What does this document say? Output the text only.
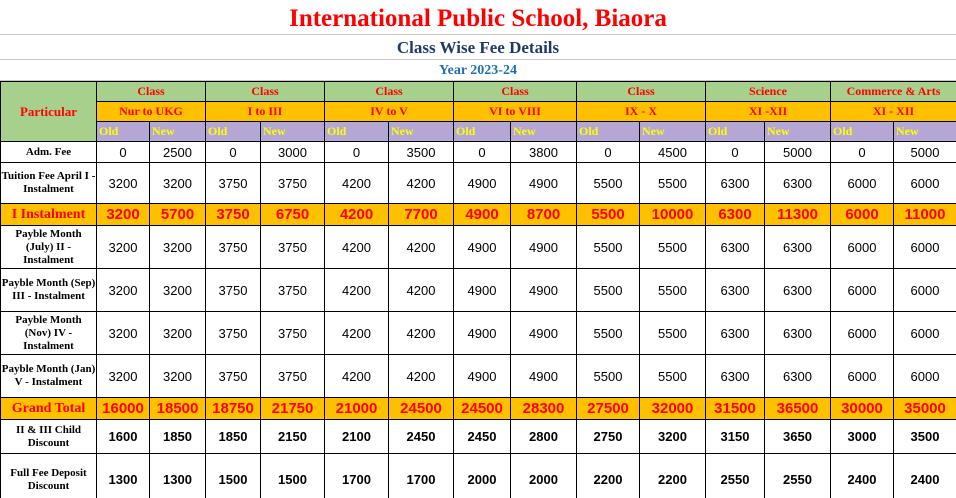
International Public School, Biaora
Class Wise Fee Details
Year 2023-24
Particular	Class		Class		Class		Class		Class		Science		Commerce & Arts	
	Nur to UKG		I to III		IV to V		VI to VIII		IX - X		XI -XII		XI - XII	
	Old	New	Old	New	Old	New	Old	New	Old	New	Old	New	Old	New
Adm. Fee	0	2500	0	3000	0	3500	0	3800	0	4500	0	5000	0	5000
Tuition Fee April I - Instalment	3200	3200	3750	3750	4200	4200	4900	4900	5500	5500	6300	6300	6000	6000
I Instalment	3200	5700	3750	6750	4200	7700	4900	8700	5500	10000	6300	11300	6000	11000
Payble Month (July) II - Instalment	3200	3200	3750	3750	4200	4200	4900	4900	5500	5500	6300	6300	6000	6000
Payble Month (Sep) III - Instalment	3200	3200	3750	3750	4200	4200	4900	4900	5500	5500	6300	6300	6000	6000
Payble Month (Nov) IV - Instalment	3200	3200	3750	3750	4200	4200	4900	4900	5500	5500	6300	6300	6000	6000
Payble Month (Jan) V - Instalment	3200	3200	3750	3750	4200	4200	4900	4900	5500	5500	6300	6300	6000	6000
Grand Total	16000	18500	18750	21750	21000	24500	24500	28300	27500	32000	31500	36500	30000	35000
II & III Child Discount	1600	1850	1850	2150	2100	2450	2450	2800	2750	3200	3150	3650	3000	3500
Full Fee Deposit Discount	1300	1300	1500	1500	1700	1700	2000	2000	2200	2200	2550	2550	2400	2400
